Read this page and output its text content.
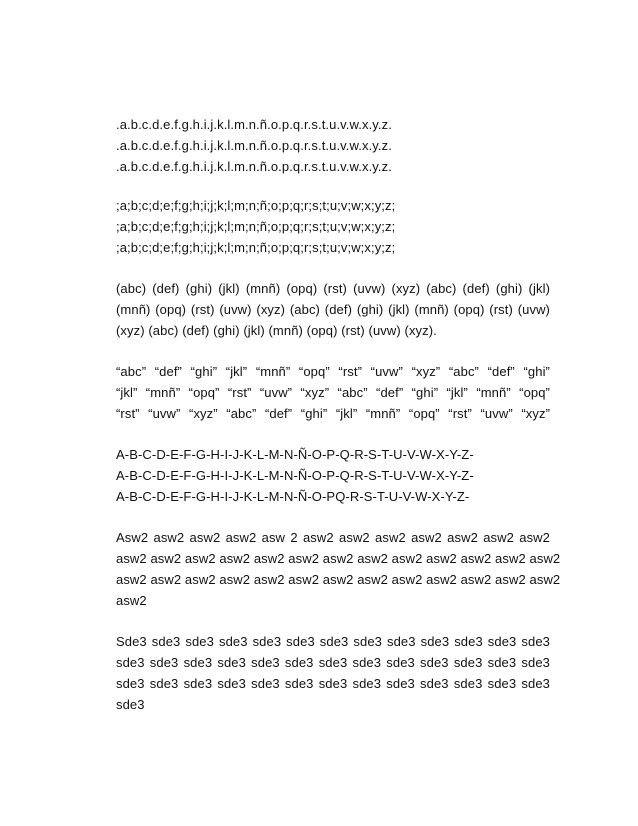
.a.b.c.d.e.f.g.h.i.j.k.l.m.n.ñ.o.p.q.r.s.t.u.v.w.x.y.z.
.a.b.c.d.e.f.g.h.i.j.k.l.m.n.ñ.o.p.q.r.s.t.u.v.w.x.y.z.
.a.b.c.d.e.f.g.h.i.j.k.l.m.n.ñ.o.p.q.r.s.t.u.v.w.x.y.z.
;a;b;c;d;e;f;g;h;i;j;k;l;m;n;ñ;o;p;q;r;s;t;u;v;w;x;y;z;
;a;b;c;d;e;f;g;h;i;j;k;l;m;n;ñ;o;p;q;r;s;t;u;v;w;x;y;z;
;a;b;c;d;e;f;g;h;i;j;k;l;m;n;ñ;o;p;q;r;s;t;u;v;w;x;y;z;
(abc) (def) (ghi) (jkl) (mnñ) (opq) (rst) (uvw) (xyz) (abc) (def) (ghi) (jkl)
(mnñ) (opq) (rst) (uvw) (xyz) (abc) (def) (ghi) (jkl) (mnñ) (opq) (rst) (uvw)
(xyz) (abc) (def) (ghi) (jkl) (mnñ) (opq) (rst) (uvw) (xyz).
“abc” “def” “ghi” “jkl” “mnñ” “opq” “rst” “uvw” “xyz” “abc” “def” “ghi”
“jkl” “mnñ” “opq” “rst” “uvw” “xyz” “abc” “def” “ghi” “jkl” “mnñ” “opq”
“rst” “uvw” “xyz” “abc” “def” “ghi” “jkl” “mnñ” “opq” “rst” “uvw” “xyz”
A-B-C-D-E-F-G-H-I-J-K-L-M-N-Ñ-O-P-Q-R-S-T-U-V-W-X-Y-Z-
A-B-C-D-E-F-G-H-I-J-K-L-M-N-Ñ-O-P-Q-R-S-T-U-V-W-X-Y-Z-
A-B-C-D-E-F-G-H-I-J-K-L-M-N-Ñ-O-PQ-R-S-T-U-V-W-X-Y-Z-
Asw2 asw2 asw2 asw2 asw 2 asw2 asw2 asw2 asw2 asw2 asw2 asw2
asw2 asw2 asw2 asw2 asw2 asw2 asw2 asw2 asw2 asw2 asw2 asw2 asw2
asw2 asw2 asw2 asw2 asw2 asw2 asw2 asw2 asw2 asw2 asw2 asw2 asw2
asw2
Sde3 sde3 sde3 sde3 sde3 sde3 sde3 sde3 sde3 sde3 sde3 sde3 sde3
sde3 sde3 sde3 sde3 sde3 sde3 sde3 sde3 sde3 sde3 sde3 sde3 sde3
sde3 sde3 sde3 sde3 sde3 sde3 sde3 sde3 sde3 sde3 sde3 sde3 sde3
sde3
